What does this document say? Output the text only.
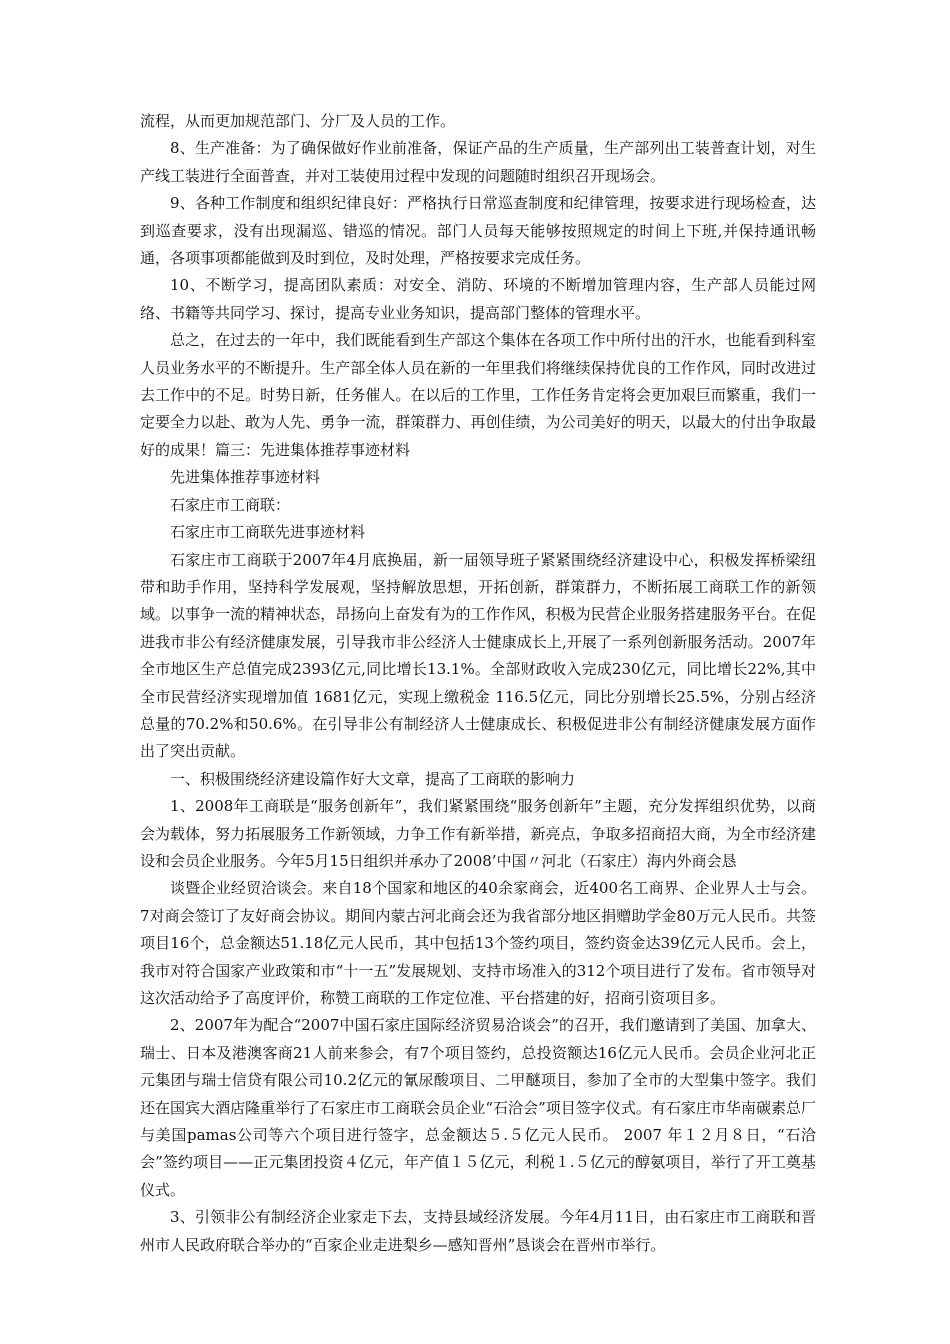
流程，从而更加规范部门、分厂及人员的工作。

8、生产准备：为了确保做好作业前准备，保证产品的生产质量，生产部列出工装普查计划，对生产线工装进行全面普查，并对工装使用过程中发现的问题随时组织召开现场会。

9、各种工作制度和组织纪律良好：严格执行日常巡查制度和纪律管理，按要求进行现场检查，达到巡查要求，没有出现漏巡、错巡的情况。部门人员每天能够按照规定的时间上下班,并保持通讯畅通，各项事项都能做到及时到位，及时处理，严格按要求完成任务。

10、不断学习，提高团队素质：对安全、消防、环境的不断增加管理内容，生产部人员能过网络、书籍等共同学习、探讨，提高专业业务知识，提高部门整体的管理水平。

总之，在过去的一年中，我们既能看到生产部这个集体在各项工作中所付出的汗水，也能看到科室人员业务水平的不断提升。生产部全体人员在新的一年里我们将继续保持优良的工作作风，同时改进过去工作中的不足。时势日新，任务催人。在以后的工作里，工作任务肯定将会更加艰巨而繁重，我们一定要全力以赴、敢为人先、勇争一流，群策群力、再创佳绩，为公司美好的明天，以最大的付出争取最好的成果！篇三：先进集体推荐事迹材料

先进集体推荐事迹材料

石家庄市工商联：

石家庄市工商联先进事迹材料

石家庄市工商联于2007年4月底换届，新一届领导班子紧紧围绕经济建设中心，积极发挥桥梁纽带和助手作用，坚持科学发展观，坚持解放思想，开拓创新，群策群力，不断拓展工商联工作的新领域。以事争一流的精神状态，昂扬向上奋发有为的工作作风，积极为民营企业服务搭建服务平台。在促进我市非公有经济健康发展，引导我市非公经济人士健康成长上,开展了一系列创新服务活动。2007年全市地区生产总值完成2393亿元,同比增长13.1%。全部财政收入完成230亿元，同比增长22%,其中全市民营经济实现增加值 1681亿元，实现上缴税金 116.5亿元，同比分别增长25.5%，分别占经济总量的70.2%和50.6%。在引导非公有制经济人士健康成长、积极促进非公有制经济健康发展方面作出了突出贡献。

一、积极围绕经济建设篇作好大文章，提高了工商联的影响力

1、2008年工商联是“服务创新年”，我们紧紧围绕“服务创新年”主题，充分发挥组织优势，以商会为载体，努力拓展服务工作新领域，力争工作有新举措，新亮点，争取多招商招大商，为全市经济建设和会员企业服务。今年5月15日组织并承办了2008’中国〃河北（石家庄）海内外商会恳

谈暨企业经贸洽谈会。来自18个国家和地区的40余家商会，近400名工商界、企业界人士与会。 7对商会签订了友好商会协议。期间内蒙古河北商会还为我省部分地区捐赠助学金80万元人民币。共签项目16个，总金额达51.18亿元人民币，其中包括13个签约项目，签约资金达39亿元人民币。会上，我市对符合国家产业政策和市“十一五”发展规划、支持市场准入的312个项目进行了发布。省市领导对这次活动给予了高度评价，称赞工商联的工作定位准、平台搭建的好，招商引资项目多。

2、2007年为配合“2007中国石家庄国际经济贸易洽谈会”的召开，我们邀请到了美国、加拿大、瑞士、日本及港澳客商21人前来参会，有7个项目签约，总投资额达16亿元人民币。会员企业河北正元集团与瑞士信贷有限公司10.2亿元的氰尿酸项目、二甲醚项目，参加了全市的大型集中签字。我们还在国宾大酒店隆重举行了石家庄市工商联会员企业“石洽会”项目签字仪式。有石家庄市华南碳素总厂与美国pamas公司等六个项目进行签字，总金额达５.５亿元人民币。 2007 年１２月８日，“石洽会”签约项目——正元集团投资４亿元，年产值１５亿元，利税１.５亿元的醇氨项目，举行了开工奠基仪式。

3、引领非公有制经济企业家走下去，支持县域经济发展。今年4月11日，由石家庄市工商联和晋州市人民政府联合举办的“百家企业走进梨乡—感知晋州”恳谈会在晋州市举行。
